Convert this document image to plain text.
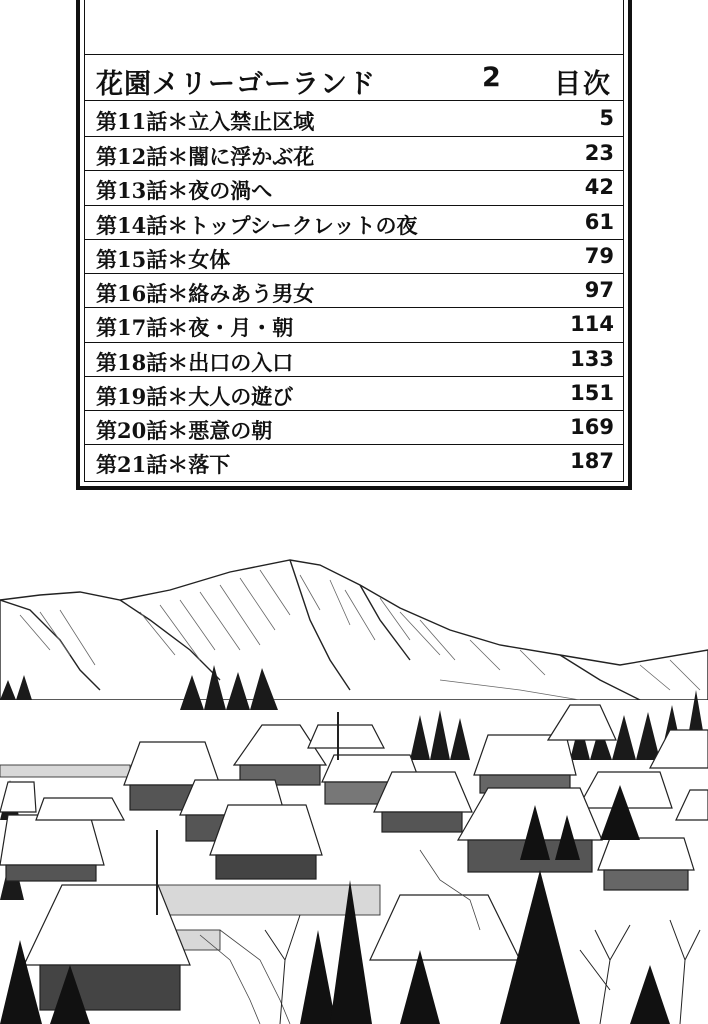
花園メリーゴーランド	2 目次
第11話＊立入禁止区域	5
第12話＊闇に浮かぶ花	23
第13話＊夜の渦へ	42
第14話＊トップシークレットの夜	61
第15話＊女体	79
第16話＊絡みあう男女	97
第17話＊夜・月・朝	114
第18話＊出口の入口	133
第19話＊大人の遊び	151
第20話＊悪意の朝	169
第21話＊落下	187
